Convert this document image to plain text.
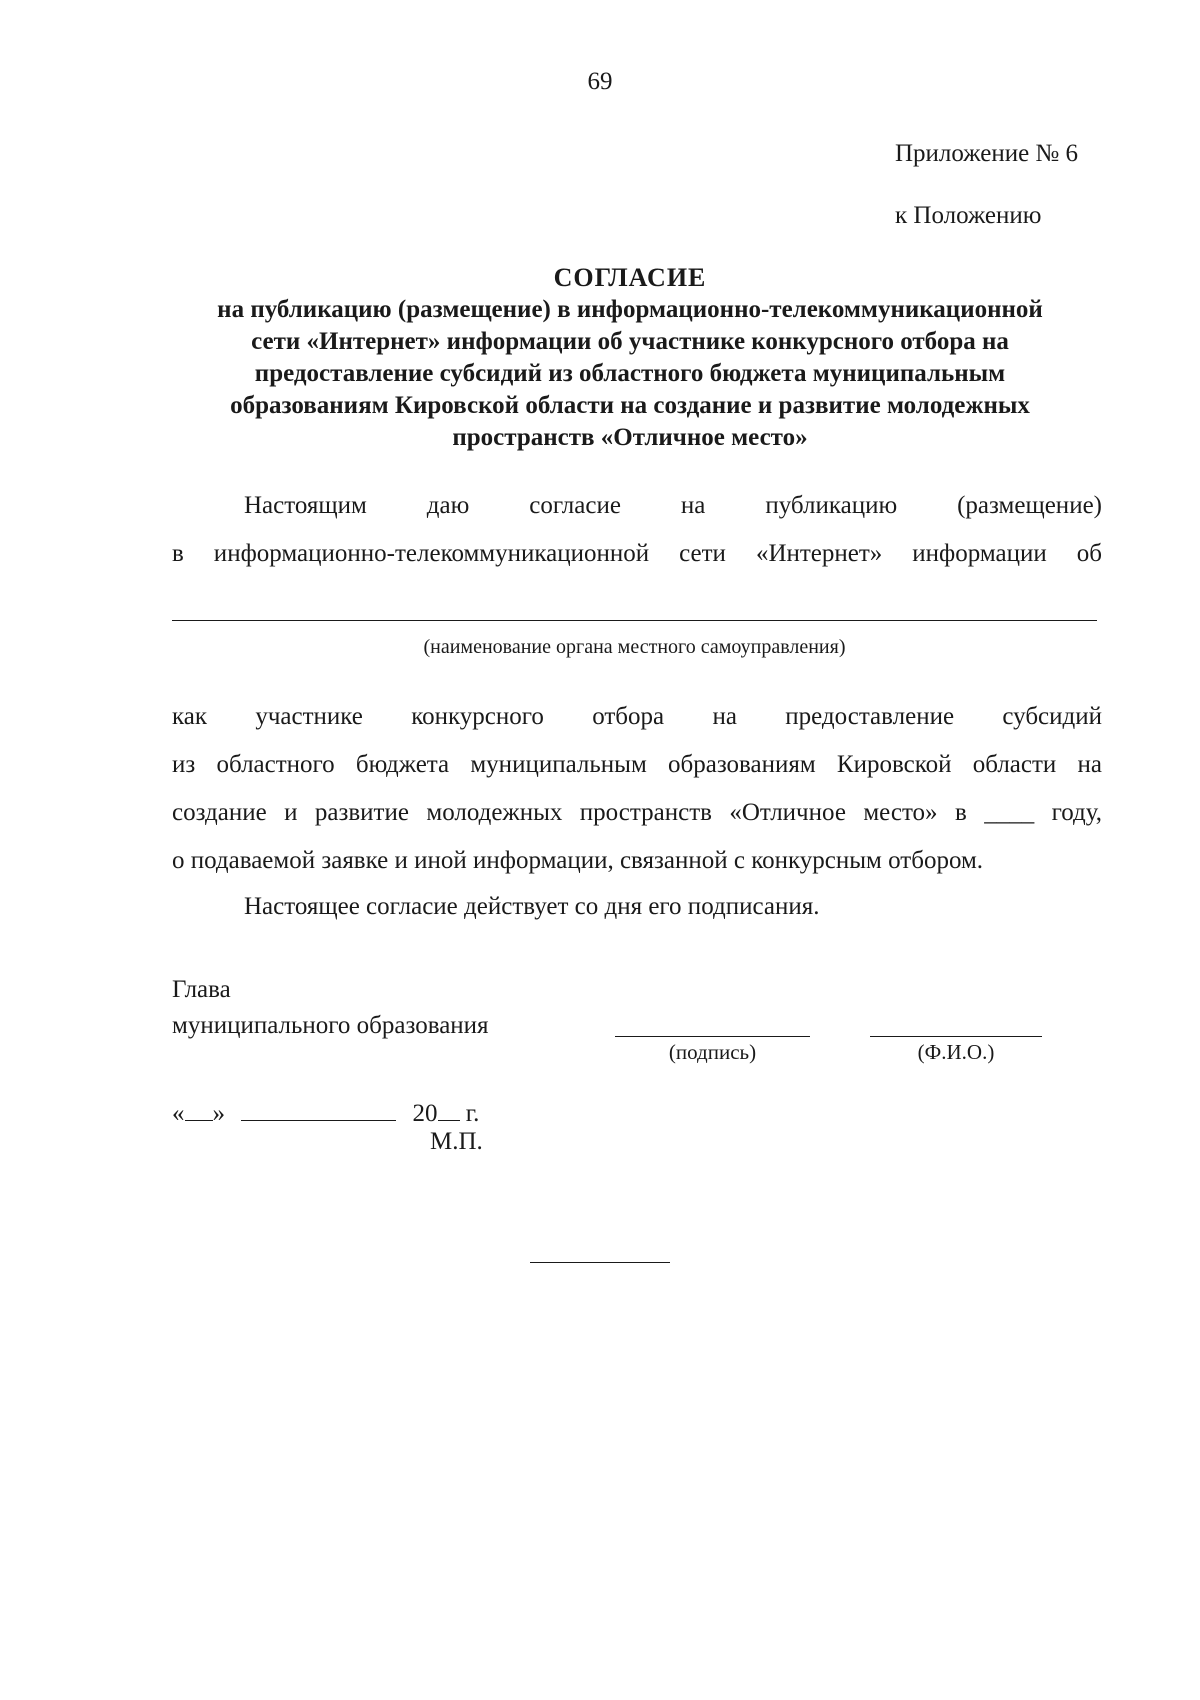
69
Приложение № 6
к Положению
СОГЛАСИЕ
на публикацию (размещение) в информационно-телекоммуникационной
сети «Интернет» информации об участнике конкурсного отбора на
предоставление субсидий из областного бюджета муниципальным
образованиям Кировской области на создание и развитие молодежных
пространств «Отличное место»
Настоящим даю согласие на публикацию (размещение)
в информационно-телекоммуникационной сети «Интернет» информации об
(наименование органа местного самоуправления)
как участнике конкурсного отбора на предоставление субсидий
из областного бюджета муниципальным образованиям Кировской области на
создание и развитие молодежных пространств «Отличное место» в ____ году,
о подаваемой заявке и иной информации, связанной с конкурсным отбором.
Настоящее согласие действует со дня его подписания.
Глава
муниципального образования
(подпись)	(Ф.И.О.)
« »	20 г.
М.П.
